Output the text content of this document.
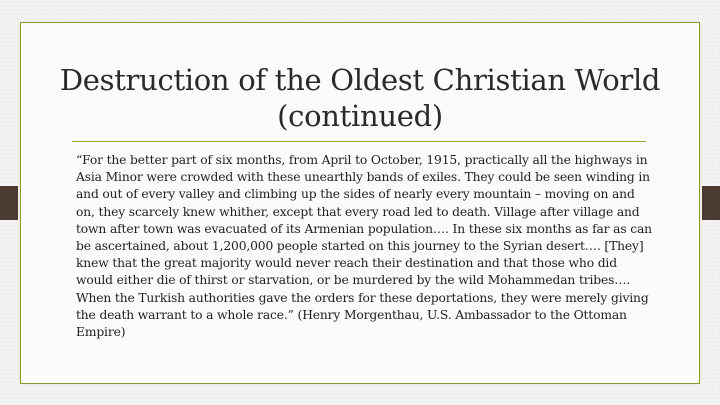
Destruction of the Oldest Christian World
(continued)

“For the better part of six months, from April to October, 1915, practically all the highways in Asia Minor were crowded with these unearthly bands of exiles. They could be seen winding in and out of every valley and climbing up the sides of nearly every mountain – moving on and on, they scarcely knew whither, except that every road led to death. Village after village and town after town was evacuated of its Armenian population…. In these six months as far as can be ascertained, about 1,200,000 people started on this journey to the Syrian desert…. [They] knew that the great majority would never reach their destination and that those who did would either die of thirst or starvation, or be murdered by the wild Mohammedan tribes…. When the Turkish authorities gave the orders for these deportations, they were merely giving the death warrant to a whole race.” (Henry Morgenthau, U.S. Ambassador to the Ottoman Empire)
